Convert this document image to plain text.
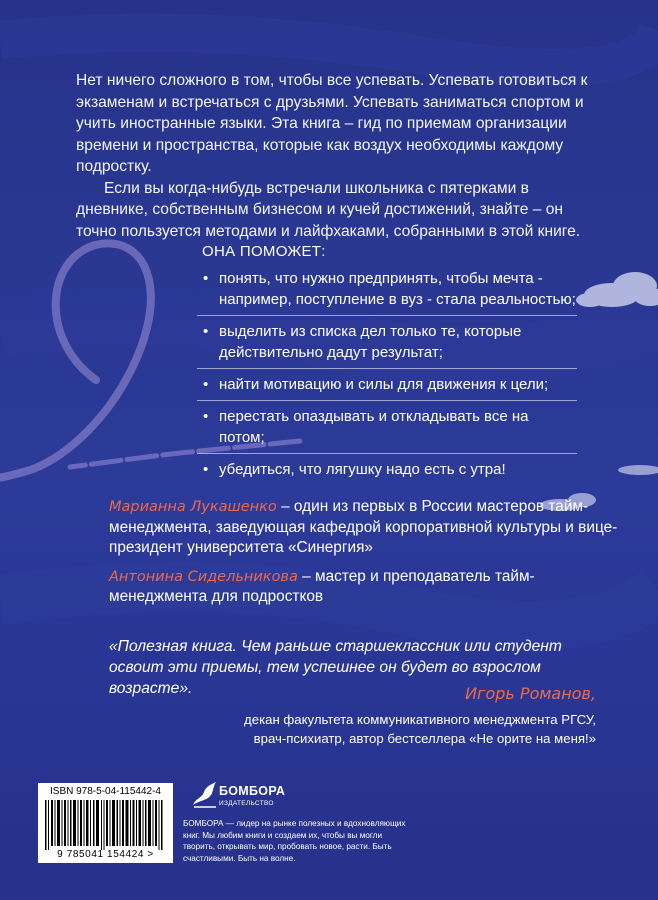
Нет ничего сложного в том, чтобы все успевать. Успевать готовиться к экзаменам и встречаться с друзьями. Успевать заниматься спортом и учить иностранные языки. Эта книга – гид по приемам организации времени и пространства, которые как воздух необходимы каждому подростку.

Если вы когда-нибудь встречали школьника с пятерками в дневнике, собственным бизнесом и кучей достижений, знайте – он точно пользуется методами и лайфхаками, собранными в этой книге.

ОНА ПОМОЖЕТ:
• понять, что нужно предпринять, чтобы мечта - например, поступление в вуз - стала реальностью;
• выделить из списка дел только те, которые действительно дадут результат;
• найти мотивацию и силы для движения к цели;
• перестать опаздывать и откладывать все на потом;
• убедиться, что лягушку надо есть с утра!

Марианна Лукашенко – один из первых в России мастеров тайм-менеджмента, заведующая кафедрой корпоративной культуры и вице-президент университета «Синергия»

Антонина Сидельникова – мастер и преподаватель тайм-менеджмента для подростков

«Полезная книга. Чем раньше старшеклассник или студент освоит эти приемы, тем успешнее он будет во взрослом возрасте».	Игорь Романов,
декан факультета коммуникативного менеджмента РГСУ,
врач-психиатр, автор бестселлера «Не орите на меня!»
ISBN 978-5-04-115442-4
9 785041 154424 >
БОМБОРА
ИЗДАТЕЛЬСТВО
БОМБОРА — лидер на рынке полезных и вдохновляющих книг. Мы любим книги и создаем их, чтобы вы могли творить, открывать мир, пробовать новое, расти. Быть счастливыми. Быть на волне.
